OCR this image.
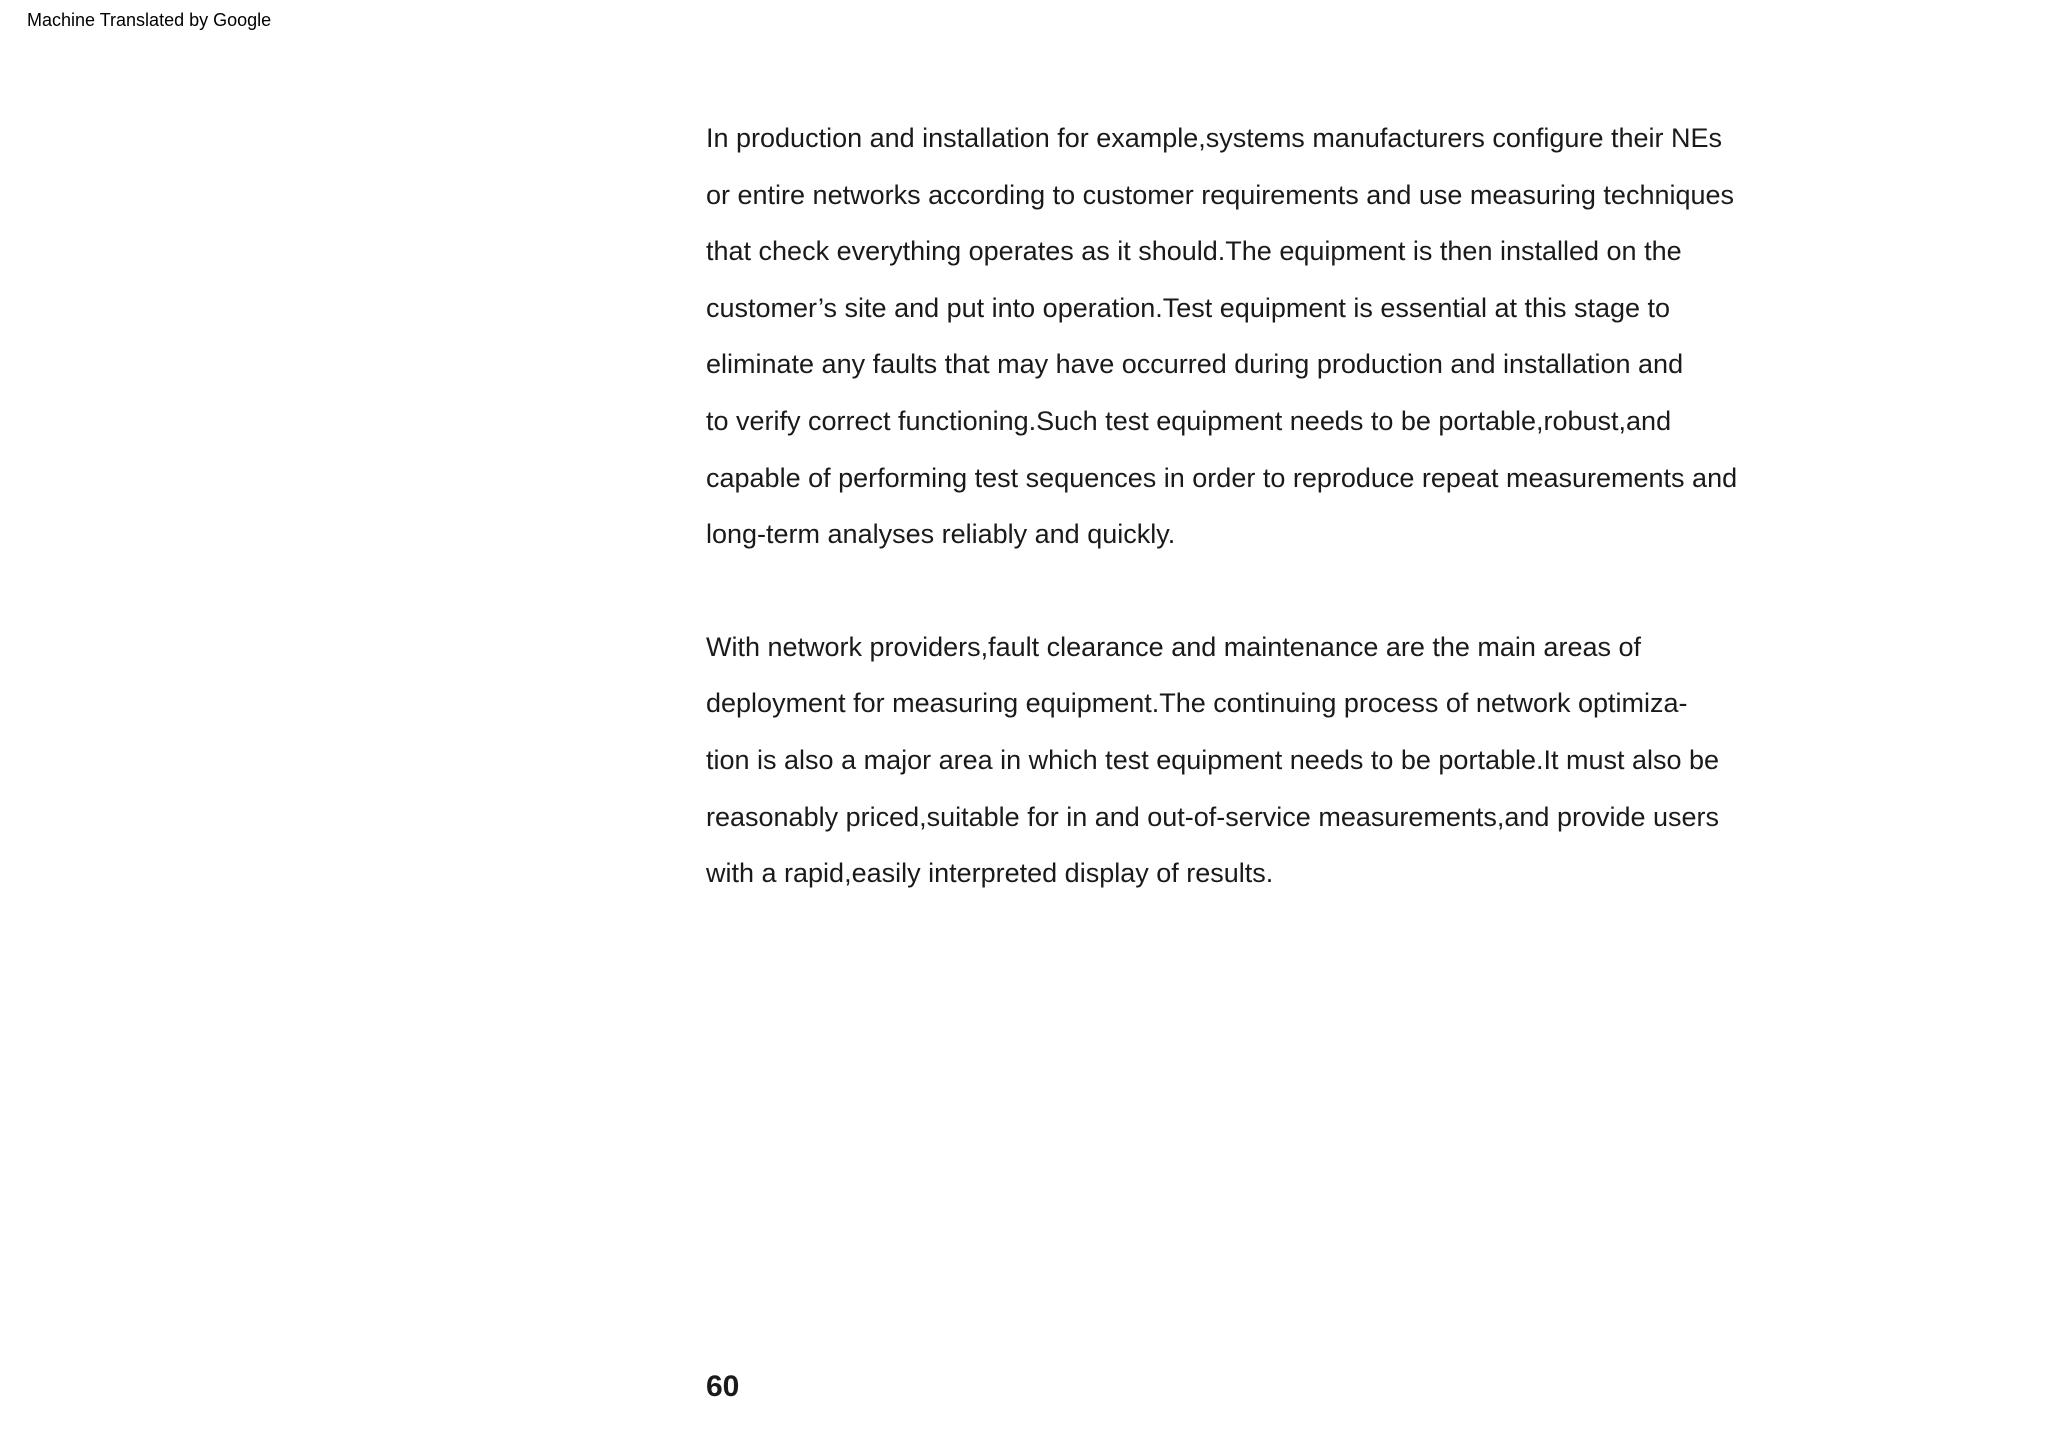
Machine Translated by Google
In production and installation for example,systems manufacturers configure their NEs
or entire networks according to customer requirements and use measuring techniques
that check everything operates as it should.The equipment is then installed on the
customer’s site and put into operation.Test equipment is essential at this stage to
eliminate any faults that may have occurred during production and installation and
to verify correct functioning.Such test equipment needs to be portable,robust,and
capable of performing test sequences in order to reproduce repeat measurements and
long-term analyses reliably and quickly.
With network providers,fault clearance and maintenance are the main areas of
deployment for measuring equipment.The continuing process of network optimiza-
tion is also a major area in which test equipment needs to be portable.It must also be
reasonably priced,suitable for in and out-of-service measurements,and provide users
with a rapid,easily interpreted display of results.
60
